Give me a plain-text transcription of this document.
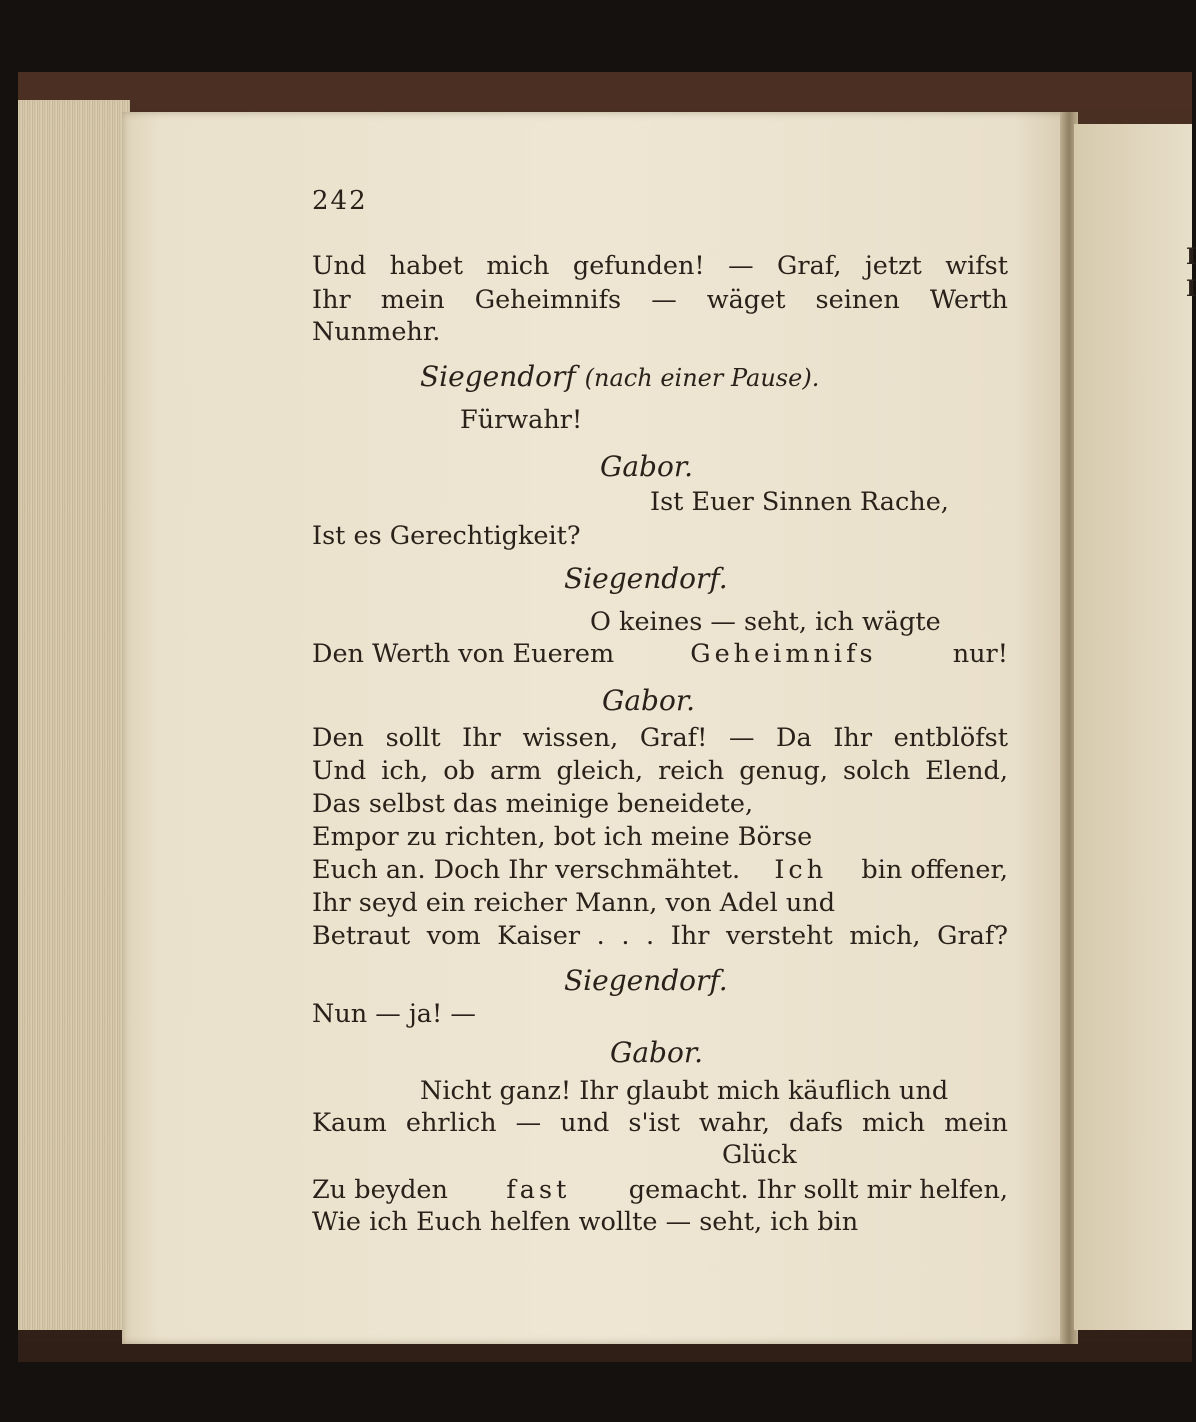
I
I
242
Und habet mich gefunden! — Graf, jetzt wifst
Ihr mein Geheimnifs — wäget seinen Werth
Nunmehr.
Siegendorf (nach einer Pause).
Fürwahr!
Gabor.
Ist Euer Sinnen Rache,
Ist es Gerechtigkeit?
Siegendorf.
O keines — seht, ich wägte
Den Werth von Euerem	Geheimnifs	nur!
Gabor.
Den sollt Ihr wissen, Graf! — Da Ihr entblöfst
Und ich, ob arm gleich, reich genug, solch Elend,
Das selbst das meinige beneidete,
Empor zu richten, bot ich meine Börse
Euch an. Doch Ihr verschmähtet. Ich bin offener,
Ihr seyd ein reicher Mann, von Adel und
Betraut vom Kaiser . . . Ihr versteht mich, Graf?
Siegendorf.
Nun — ja! —
Gabor.
Nicht ganz! Ihr glaubt mich käuflich und
Kaum ehrlich — und s'ist wahr, dafs mich mein
Glück
Zu beyden fast gemacht. Ihr sollt mir helfen,
Wie ich Euch helfen wollte — seht, ich bin
